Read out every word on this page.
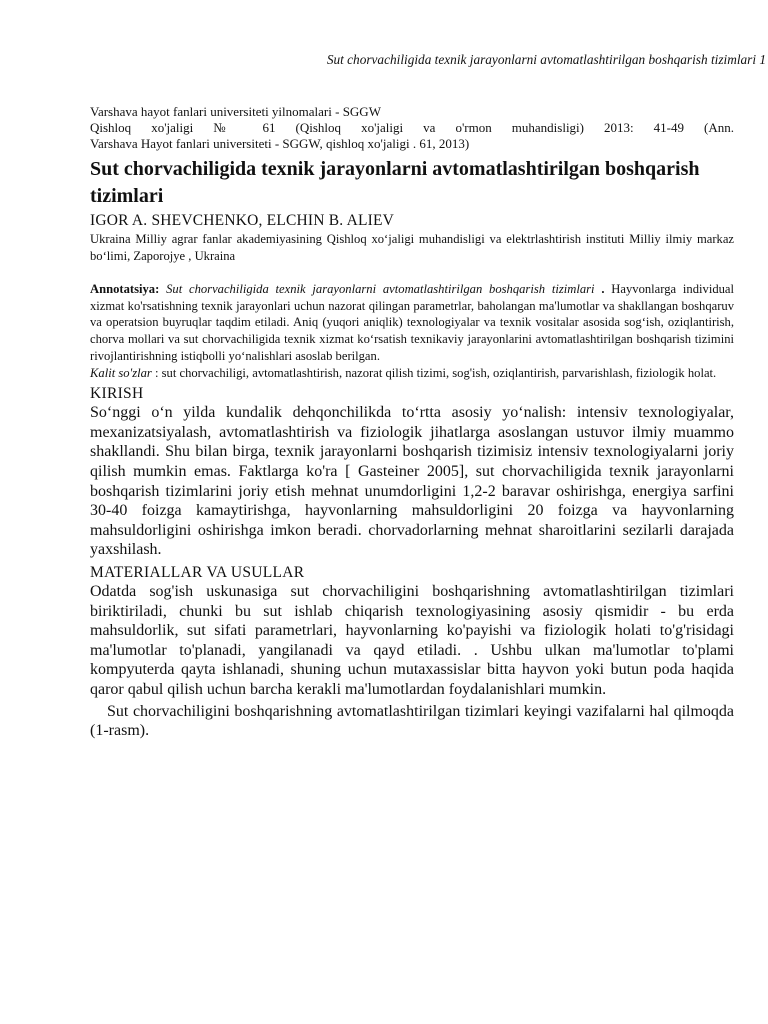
Sut chorvachiligida texnik jarayonlarni avtomatlashtirilgan boshqarish tizimlari 1

Varshava hayot fanlari universiteti yilnomalari - SGGW

Qishloq xo'jaligi № 61 (Qishloq xo'jaligi va o'rmon muhandisligi) 2013: 41-49 (Ann.

Varshava Hayot fanlari universiteti - SGGW, qishloq xo'jaligi . 61, 2013)

Sut chorvachiligida texnik jarayonlarni avtomatlashtirilgan boshqarish tizimlari

IGOR A. SHEVCHENKO, ELCHIN B. ALIEV

Ukraina Milliy agrar fanlar akademiyasining Qishloq xo‘jaligi muhandisligi va elektrlashtirish instituti Milliy ilmiy markaz bo‘limi, Zaporojye , Ukraina

Annotatsiya: Sut chorvachiligida texnik jarayonlarni avtomatlashtirilgan boshqarish tizimlari . Hayvonlarga individual xizmat ko'rsatishning texnik jarayonlari uchun nazorat qilingan parametrlar, baholangan ma'lumotlar va shakllangan boshqaruv va operatsion buyruqlar taqdim etiladi. Aniq (yuqori aniqlik) texnologiyalar va texnik vositalar asosida sog‘ish, oziqlantirish, chorva mollari va sut chorvachiligida texnik xizmat ko‘rsatish texnikaviy jarayonlarini avtomatlashtirilgan boshqarish tizimini rivojlantirishning istiqbolli yo‘nalishlari asoslab berilgan.

Kalit so'zlar : sut chorvachiligi, avtomatlashtirish, nazorat qilish tizimi, sog'ish, oziqlantirish, parvarishlash, fiziologik holat.

KIRISH

So‘nggi o‘n yilda kundalik dehqonchilikda to‘rtta asosiy yo‘nalish: intensiv texnologiyalar, mexanizatsiyalash, avtomatlashtirish va fiziologik jihatlarga asoslangan ustuvor ilmiy muammo shakllandi. Shu bilan birga, texnik jarayonlarni boshqarish tizimisiz intensiv texnologiyalarni joriy qilish mumkin emas. Faktlarga ko'ra [ Gasteiner 2005], sut chorvachiligida texnik jarayonlarni boshqarish tizimlarini joriy etish mehnat unumdorligini 1,2-2 baravar oshirishga, energiya sarfini 30-40 foizga kamaytirishga, hayvonlarning mahsuldorligini 20 foizga va hayvonlarning mahsuldorligini oshirishga imkon beradi. chorvadorlarning mehnat sharoitlarini sezilarli darajada yaxshilash.

MATERIALLAR VA USULLAR

Odatda sog'ish uskunasiga sut chorvachiligini boshqarishning avtomatlashtirilgan tizimlari biriktiriladi, chunki bu sut ishlab chiqarish texnologiyasining asosiy qismidir - bu erda mahsuldorlik, sut sifati parametrlari, hayvonlarning ko'payishi va fiziologik holati to'g'risidagi ma'lumotlar to'planadi, yangilanadi va qayd etiladi. . Ushbu ulkan ma'lumotlar to'plami kompyuterda qayta ishlanadi, shuning uchun mutaxassislar bitta hayvon yoki butun poda haqida qaror qabul qilish uchun barcha kerakli ma'lumotlardan foydalanishlari mumkin.

Sut chorvachiligini boshqarishning avtomatlashtirilgan tizimlari keyingi vazifalarni hal qilmoqda (1-rasm).
